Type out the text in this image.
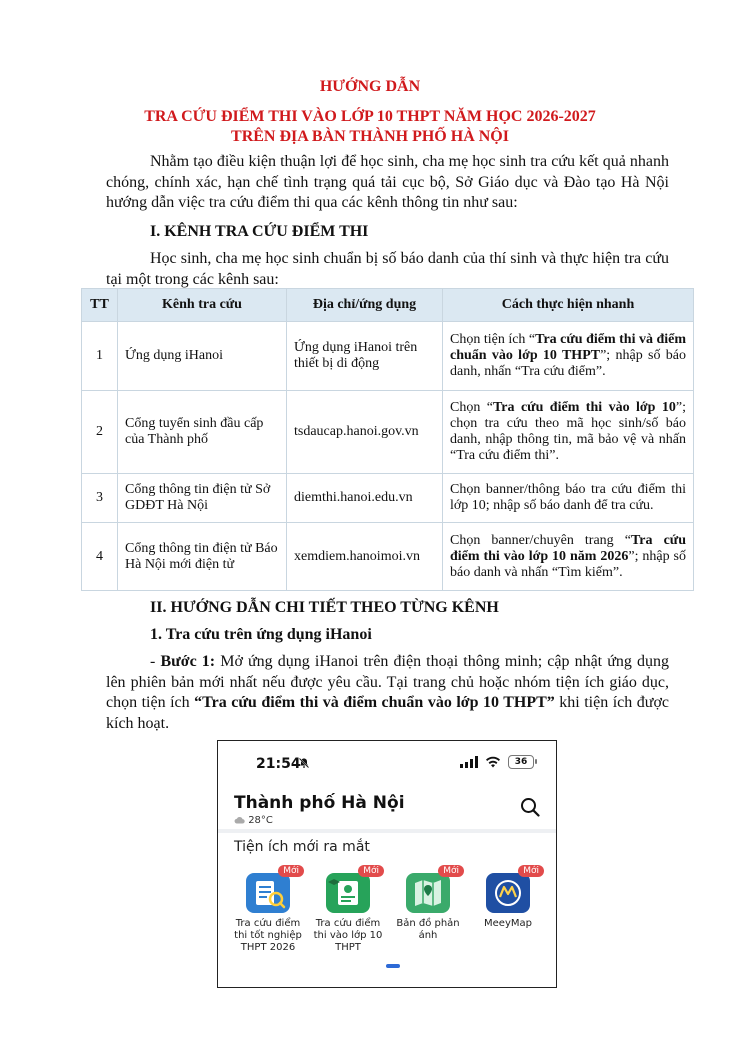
HƯỚNG DẪN
TRA CỨU ĐIỂM THI VÀO LỚP 10 THPT NĂM HỌC 2026-2027
TRÊN ĐỊA BÀN THÀNH PHỐ HÀ NỘI

Nhằm tạo điều kiện thuận lợi để học sinh, cha mẹ học sinh tra cứu kết quả nhanh chóng, chính xác, hạn chế tình trạng quá tải cục bộ, Sở Giáo dục và Đào tạo Hà Nội hướng dẫn việc tra cứu điểm thi qua các kênh thông tin như sau:

I. KÊNH TRA CỨU ĐIỂM THI

Học sinh, cha mẹ học sinh chuẩn bị số báo danh của thí sinh và thực hiện tra cứu tại một trong các kênh sau:

TT	Kênh tra cứu	Địa chỉ/ứng dụng	Cách thực hiện nhanh
1	Ứng dụng iHanoi	Ứng dụng iHanoi trên thiết bị di động	Chọn tiện ích “Tra cứu điểm thi và điểm chuẩn vào lớp 10 THPT”; nhập số báo danh, nhấn “Tra cứu điểm”.
2	Cổng tuyển sinh đầu cấp của Thành phố	tsdaucap.hanoi.gov.vn	Chọn “Tra cứu điểm thi vào lớp 10”; chọn tra cứu theo mã học sinh/số báo danh, nhập thông tin, mã bảo vệ và nhấn “Tra cứu điểm thi”.
3	Cổng thông tin điện tử Sở GDĐT Hà Nội	diemthi.hanoi.edu.vn	Chọn banner/thông báo tra cứu điểm thi lớp 10; nhập số báo danh để tra cứu.
4	Cổng thông tin điện tử Báo Hà Nội mới điện tử	xemdiem.hanoimoi.vn	Chọn banner/chuyên trang “Tra cứu điểm thi vào lớp 10 năm 2026”; nhập số báo danh và nhấn “Tìm kiếm”.
II. HƯỚNG DẪN CHI TIẾT THEO TỪNG KÊNH
1. Tra cứu trên ứng dụng iHanoi

- Bước 1: Mở ứng dụng iHanoi trên điện thoại thông minh; cập nhật ứng dụng lên phiên bản mới nhất nếu được yêu cầu. Tại trang chủ hoặc nhóm tiện ích giáo dục, chọn tiện ích “Tra cứu điểm thi và điểm chuẩn vào lớp 10 THPT” khi tiện ích được kích hoạt.

21:54	36
Thành phố Hà Nội
28°C
Tiện ích mới ra mắt
Mới
Tra cứu điểm thi tốt nghiệp THPT 2026
Mới
Tra cứu điểm thi vào lớp 10 THPT
Mới
Bản đồ phản ánh
Mới
MeeyMap
